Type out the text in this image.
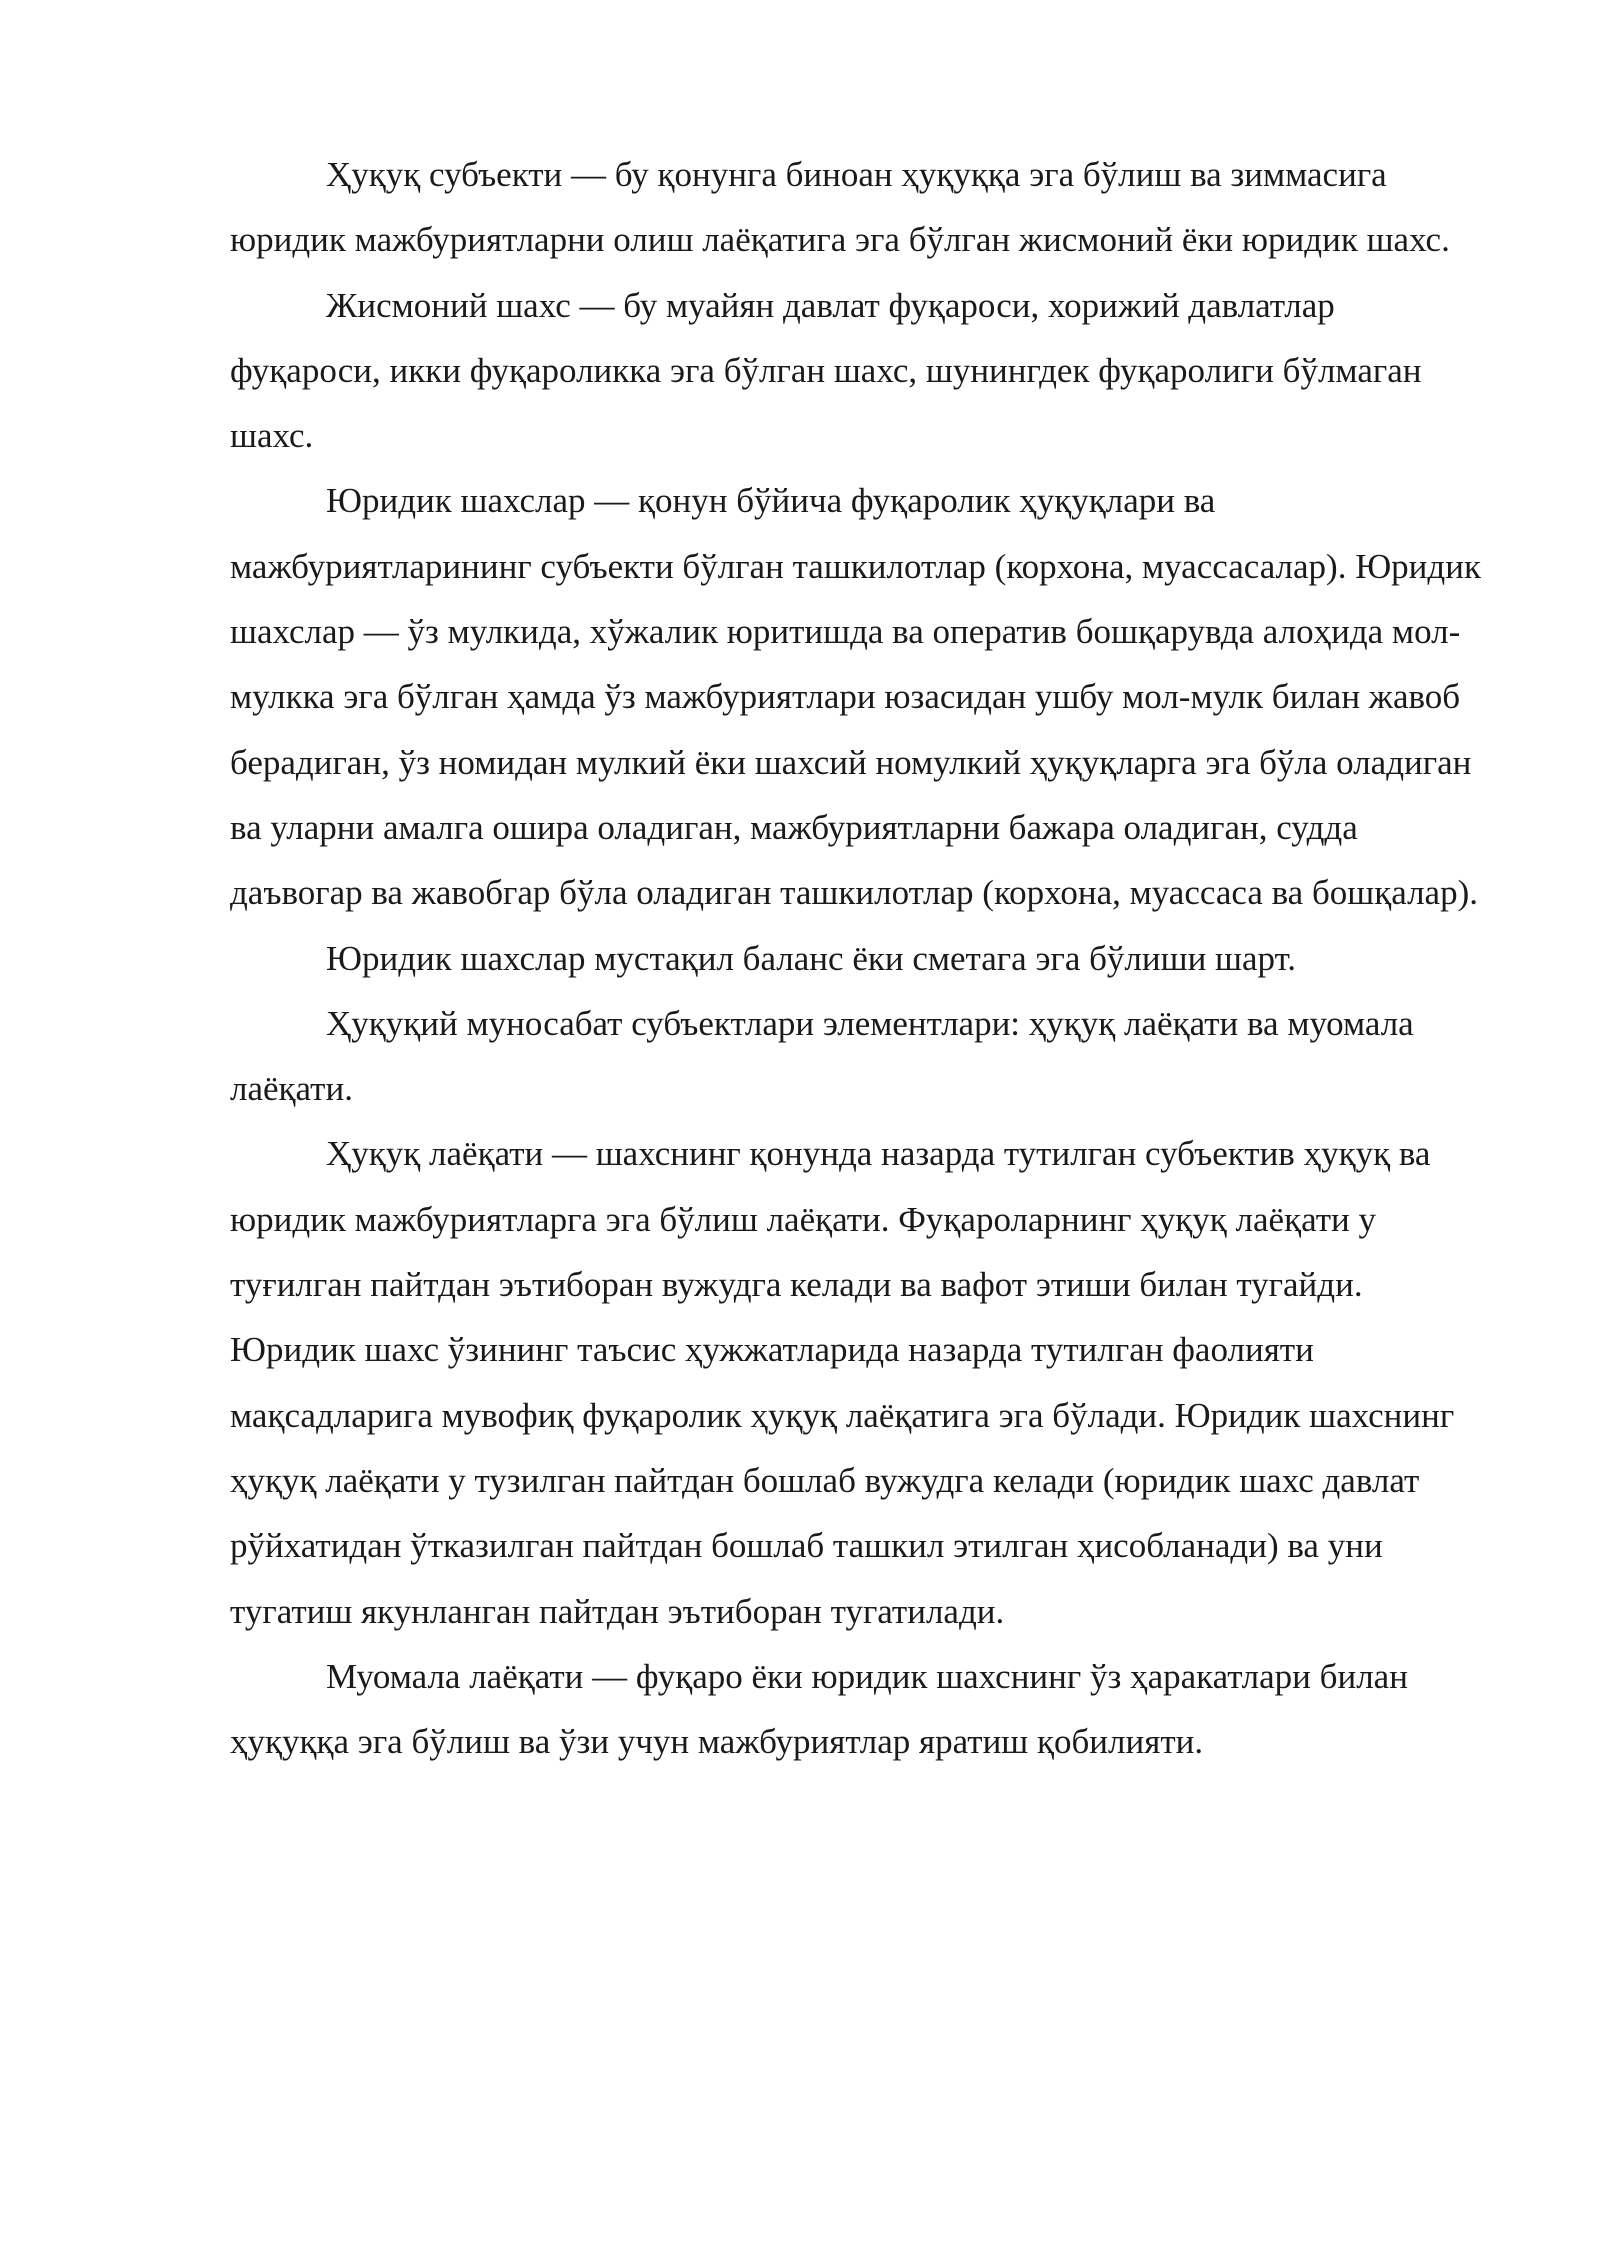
Ҳуқуқ субъекти — бу қонунга биноан ҳуқуққа эга бўлиш ва зиммасига юридик мажбуриятларни олиш лаёқатига эга бўлган жисмоний ёки юридик шахс.

Жисмоний шахс — бу муайян давлат фуқароси, хорижий давлатлар фуқароси, икки фуқароликка эга бўлган шахс, шунингдек фуқаролиги бўлмаган шахс.

Юридик шахслар — қонун бўйича фуқаролик ҳуқуқлари ва мажбуриятларининг субъекти бўлган ташкилотлар (корхона, муассасалар). Юридик шахслар — ўз мулкида, хўжалик юритишда ва оператив бошқарувда алоҳида мол-мулкка эга бўлган ҳамда ўз мажбуриятлари юзасидан ушбу мол-мулк билан жавоб берадиган, ўз номидан мулкий ёки шахсий номулкий ҳуқуқларга эга бўла оладиган ва уларни амалга ошира оладиган, мажбуриятларни бажара оладиган, судда даъвогар ва жавобгар бўла оладиган ташкилотлар (корхона, муассаса ва бошқалар).

Юридик шахслар мустақил баланс ёки сметага эга бўлиши шарт.

Ҳуқуқий муносабат субъектлари элементлари: ҳуқуқ лаёқати ва муомала лаёқати.

Ҳуқуқ лаёқати — шахснинг қонунда назарда тутилган субъектив ҳуқуқ ва юридик мажбуриятларга эга бўлиш лаёқати. Фуқароларнинг ҳуқуқ лаёқати у туғилган пайтдан эътиборан вужудга келади ва вафот этиши билан тугайди. Юридик шахс ўзининг таъсис ҳужжатларида назарда тутилган фаолияти мақсадларига мувофиқ фуқаролик ҳуқуқ лаёқатига эга бўлади. Юридик шахснинг ҳуқуқ лаёқати у тузилган пайтдан бошлаб вужудга келади (юридик шахс давлат рўйхатидан ўтказилган пайтдан бошлаб ташкил этилган ҳисобланади) ва уни тугатиш якунланган пайтдан эътиборан тугатилади.

Муомала лаёқати — фуқаро ёки юридик шахснинг ўз ҳаракатлари билан ҳуқуққа эга бўлиш ва ўзи учун мажбуриятлар яратиш қобилияти.
